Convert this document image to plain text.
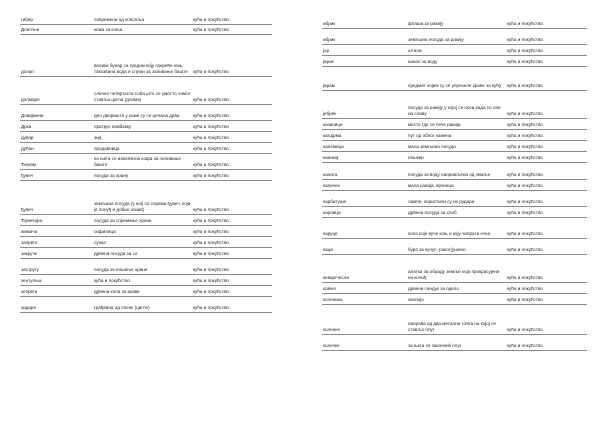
гибер	повремени од конопља	кућа и покућство
Доелчни	кожа за коња	кућа и покућство
долап	велики бунар са гредом коју покреће коњ, такозвана вода и служи за заливање баште	кућа и покућство
долмаре	слично четвртаста соба што се уместо чамог ставља цигла (долма)	кућа и покућство
Довајмени	део дворишта у коме су се цепала дрва	кућа и покућство
Дрка	пратрус комбакку	кућа и покућство
дувар	зид	кућа и покућство
дућан	продавница	кућа и покућство
Ђерам	из њега се извлачила кофа за поливање баште	кућа и покућство
ђувеч	посуда за храну	кућа и покућство
ђувеч	земљана посуда (у њој се спрема ђувеч, који је понуђ и добио назив)	кућа и покућство
Ђувечара	посуда за спремање хране	кућа и покућство
жимача	сифилица	кућа и покућство
запреге	сунка	кућа и покућство
закручк	дрвена посуда за со	кућа и покућство
застругу	посуда за ношење хране	кућа и покућство
зентулња	кућа и покућство	кућа и покућство
зепрега	дрвена кола за краве	кућа и покућство
зидаре	грађевна од опеке (цигле)	кућа и покућство
ибрик	флаша за ракију	кућа и покућство
ибрик	земљана посуда за ракију	кућа и покућство
јор	штала	кућа и покућство
јарак	канал за воду	кућа и покућство
јарам	предмет којим су се упрезале краве за кућу	кућа и покућство
јебрек	посуда за ракију у којој се носи када се оне на славу	кућа и покућство
казанице	место где се пече ракија	кућа и покућство
калдрма	пут од облог камена	кућа и покућство
калемица	мала земљана посуда	кућа и покућство
каникај	пешкир	кућа и покућство
каната	посуда за воду направљена од земље	кућа и покућство
капичек	мала капија, врачица	кућа и покућство
карбитуше	лампе, користили су их рудари	кућа и покућство
карлица	дрвена посуда за хлеб	кућа и покућство
каруце	кола које вуче коњ и коју чипрати нчка	кућа и покућство
каца	буре за купус, раког(ушено.	кућа и покућство
кевар/чесла	алатка за обраду земље која прокрасујени на кочиђ	кућа и покућство
ковчег	дрвени сандук за одело	кућа и покућство
коленика	скилија	кућа и покућство
коленке	направа од два метална точка на којој се стављо плуг	кућа и покућство
колечке	за њега се закачинѐ плуг	кућа и покућство
